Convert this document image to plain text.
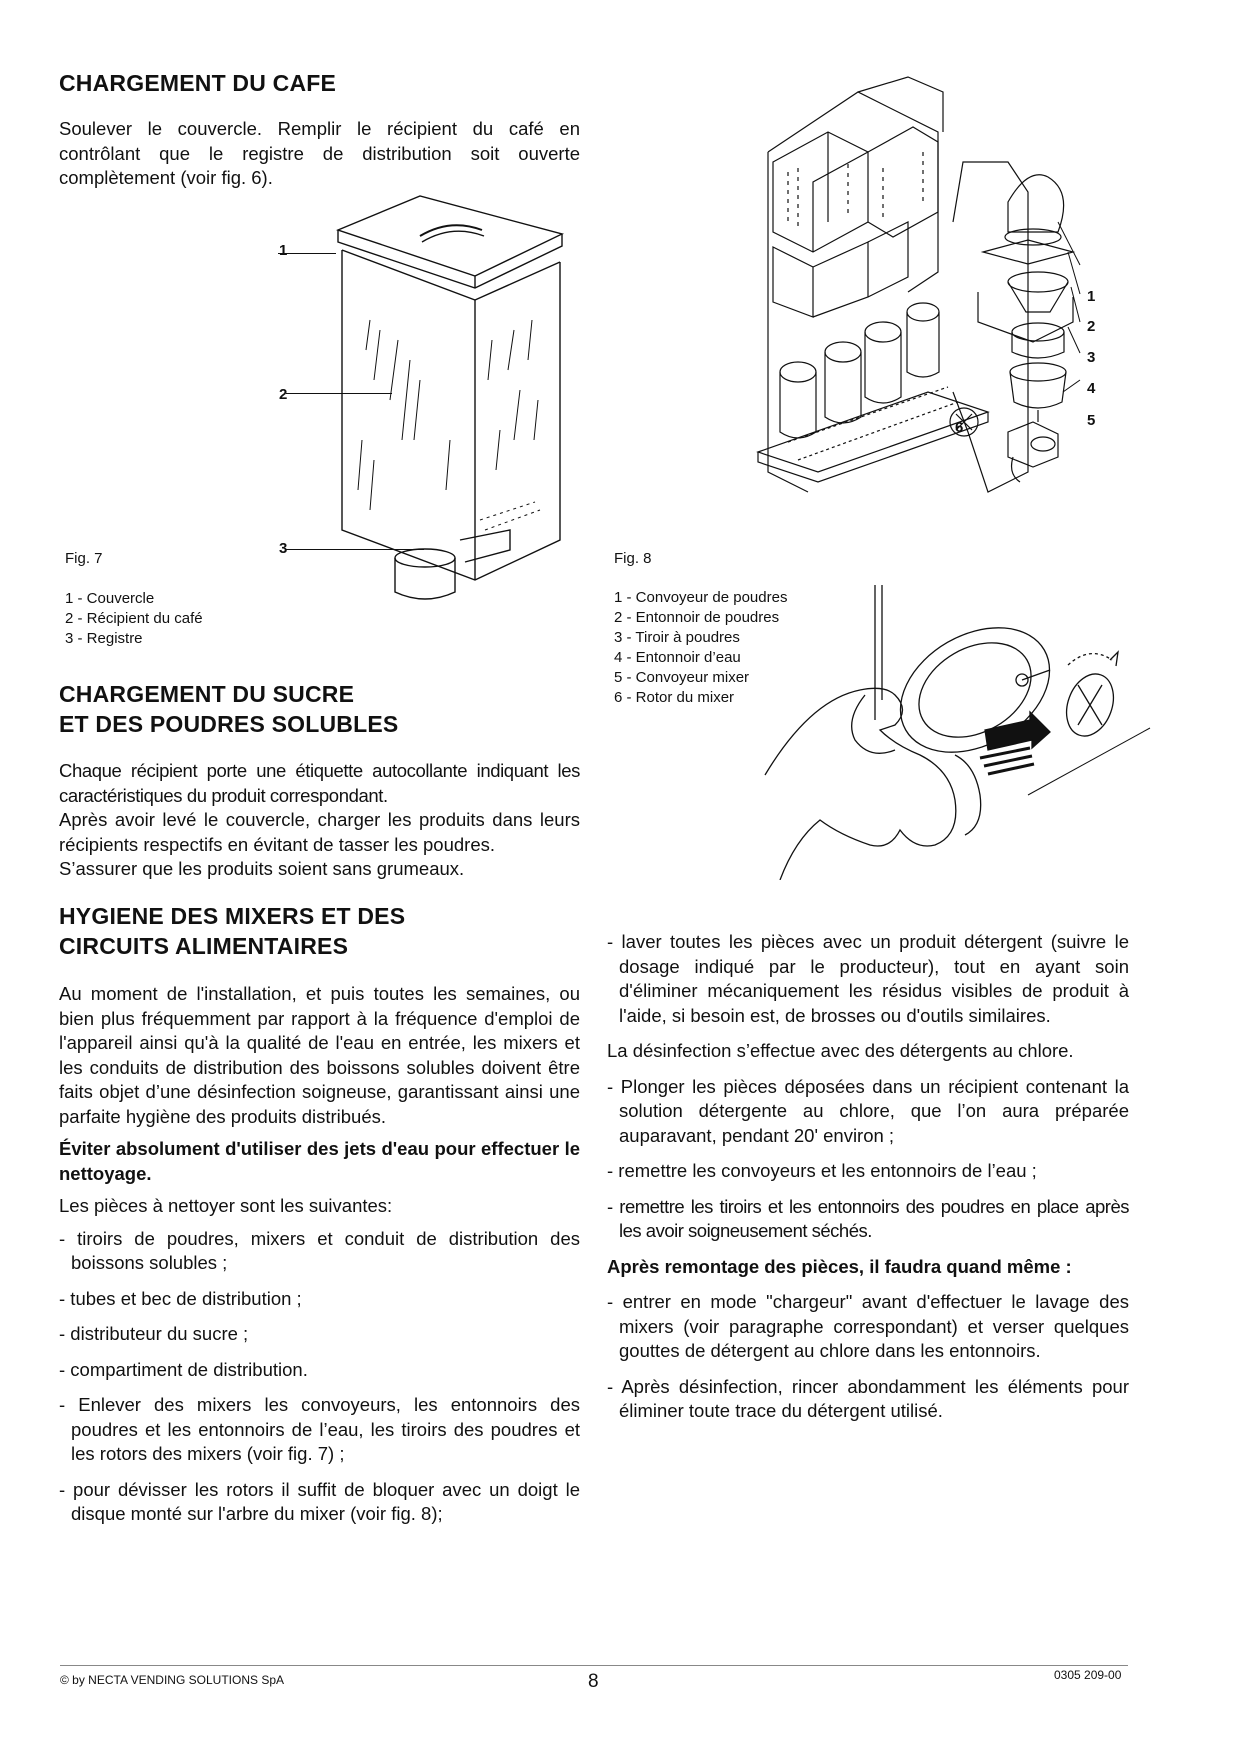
CHARGEMENT DU CAFE

Soulever le couvercle. Remplir le récipient du café en contrôlant que le registre de distribution soit ouverte complètement (voir fig. 6).

1
2
3
Fig. 7
1 - Couvercle
2 - Récipient du café
3 - Registre
CHARGEMENT DU SUCRE
ET DES POUDRES SOLUBLES

Chaque récipient porte une étiquette autocollante indiquant les caractéristiques du produit correspondant.

Après avoir levé le couvercle, charger les produits dans leurs récipients respectifs en évitant de tasser les poudres.

S’assurer que les produits soient sans grumeaux.

HYGIENE DES MIXERS ET DES
CIRCUITS ALIMENTAIRES

Au moment de l'installation, et puis toutes les semaines, ou bien plus fréquemment par rapport à la fréquence d'emploi de l'appareil ainsi qu'à la qualité de l'eau en entrée, les mixers et les conduits de distribution des boissons solubles doivent être faits objet d’une désinfection soigneuse, garantissant ainsi une parfaite hygiène des produits distribués.

Éviter absolument d'utiliser des jets d'eau pour effectuer le nettoyage.

Les pièces à nettoyer sont les suivantes:

- tiroirs de poudres, mixers et conduit de distribution des boissons solubles ;

- tubes et bec de distribution ;

- distributeur du sucre ;

- compartiment de distribution.

- Enlever des mixers les convoyeurs, les entonnoirs des poudres et les entonnoirs de l’eau, les tiroirs des poudres et les rotors des mixers (voir fig. 7) ;

- pour dévisser les rotors il suffit de bloquer avec un doigt le disque monté sur l'arbre du mixer (voir fig. 8);

1
2
3
4
5
6
Fig. 8
1 - Convoyeur de poudres
2 - Entonnoir de poudres
3 - Tiroir à poudres
4 - Entonnoir d’eau
5 - Convoyeur mixer
6 - Rotor du mixer

- laver toutes les pièces avec un produit détergent (suivre le dosage indiqué par le producteur), tout en ayant soin d'éliminer mécaniquement les résidus visibles de produit à l'aide, si besoin est, de brosses ou d'outils similaires.

La désinfection s’effectue avec des détergents au chlore.

- Plonger les pièces déposées dans un récipient contenant la solution détergente au chlore, que l’on aura préparée auparavant, pendant 20' environ ;

- remettre les convoyeurs et les entonnoirs de l’eau ;

- remettre les tiroirs et les entonnoirs des poudres en place après les avoir soigneusement séchés.

Après remontage des pièces, il faudra quand même :

- entrer en mode "chargeur" avant d'effectuer le lavage des mixers (voir paragraphe correspondant) et verser quelques gouttes de détergent au chlore dans les entonnoirs.

- Après désinfection, rincer abondamment les éléments pour éliminer toute trace du détergent utilisé.

© by NECTA VENDING SOLUTIONS SpA	8	0305 209-00
